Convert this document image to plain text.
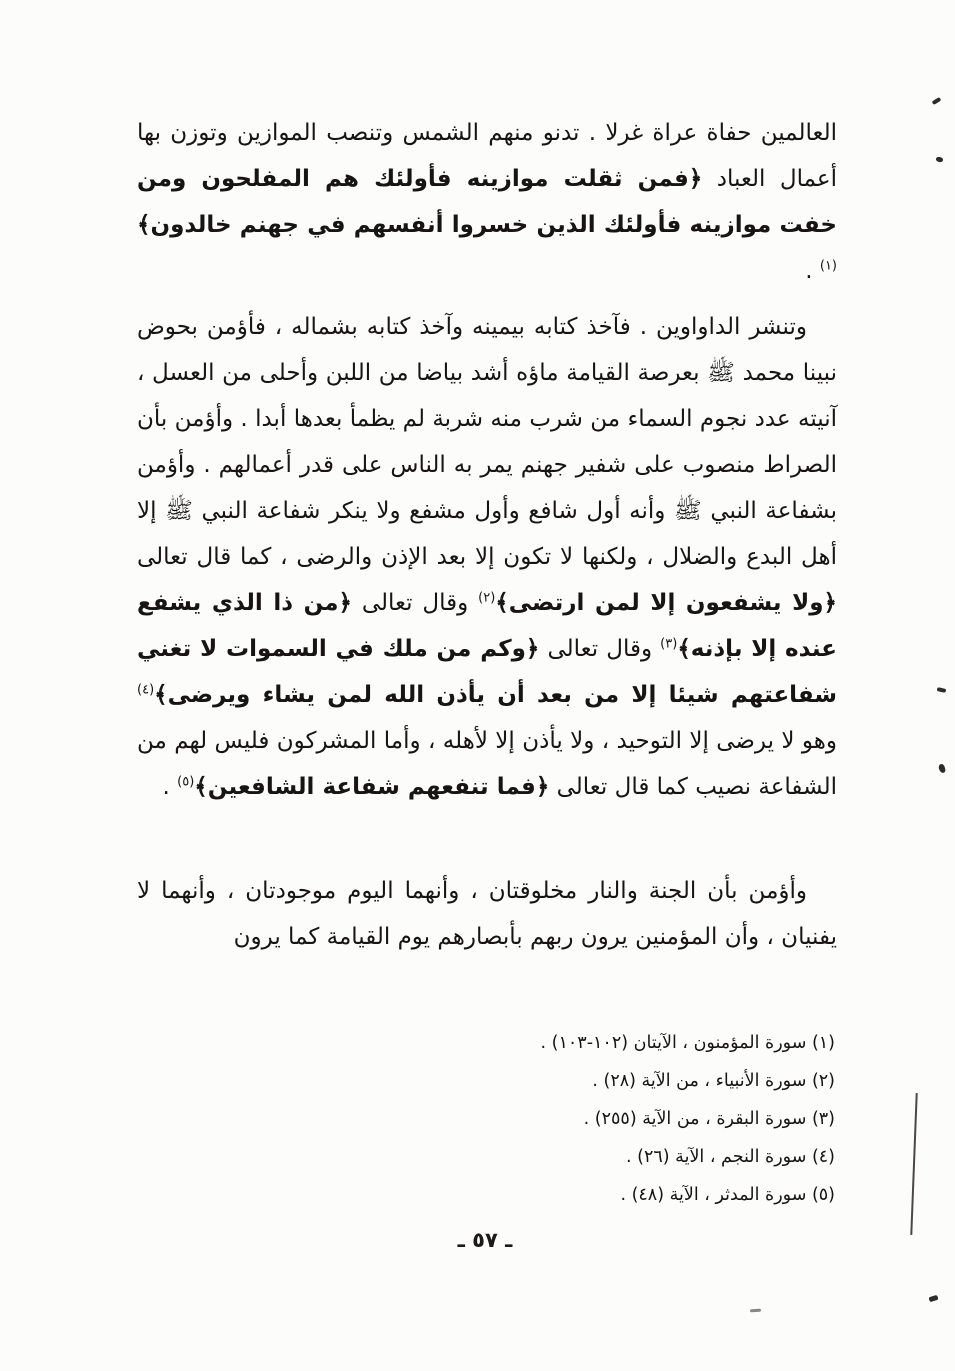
العالمين حفاة عراة غرلا . تدنو منهم الشمس وتنصب الموازين وتوزن بها أعمال العباد ﴿فمن ثقلت موازينه فأولئك هم المفلحون ومن خفت موازينه فأولئك الذين خسروا أنفسهم في جهنم خالدون﴾$^{(١)}$ .

وتنشر الداواوين . فآخذ كتابه بيمينه وآخذ كتابه بشماله ، فأؤمن بحوض نبينا محمد ﷺ بعرصة القيامة ماؤه أشد بياضا من اللبن وأحلى من العسل ، آنيته عدد نجوم السماء من شرب منه شربة لم يظمأ بعدها أبدا . وأؤمن بأن الصراط منصوب على شفير جهنم يمر به الناس على قدر أعمالهم . وأؤمن بشفاعة النبي ﷺ وأنه أول شافع وأول مشفع ولا ينكر شفاعة النبي ﷺ إلا أهل البدع والضلال ، ولكنها لا تكون إلا بعد الإذن والرضى ، كما قال تعالى ﴿ولا يشفعون إلا لمن ارتضى﴾$^{(٢)}$ وقال تعالى ﴿من ذا الذي يشفع عنده إلا بإذنه﴾$^{(٣)}$ وقال تعالى ﴿وكم من ملك في السموات لا تغني شفاعتهم شيئا إلا من بعد أن يأذن الله لمن يشاء ويرضى﴾$^{(٤)}$ وهو لا يرضى إلا التوحيد ، ولا يأذن إلا لأهله ، وأما المشركون فليس لهم من الشفاعة نصيب كما قال تعالى ﴿فما تنفعهم شفاعة الشافعين﴾$^{(٥)}$ .

وأؤمن بأن الجنة والنار مخلوقتان ، وأنهما اليوم موجودتان ، وأنهما لا يفنيان ، وأن المؤمنين يرون ربهم بأبصارهم يوم القيامة كما يرون

(١) سورة المؤمنون ، الآيتان (١٠٢-١٠٣) .
(٢) سورة الأنبياء ، من الآية (٢٨) .
(٣) سورة البقرة ، من الآية (٢٥٥) .
(٤) سورة النجم ، الآية (٢٦) .
(٥) سورة المدثر ، الآية (٤٨) .
ـ ٥٧ ـ
